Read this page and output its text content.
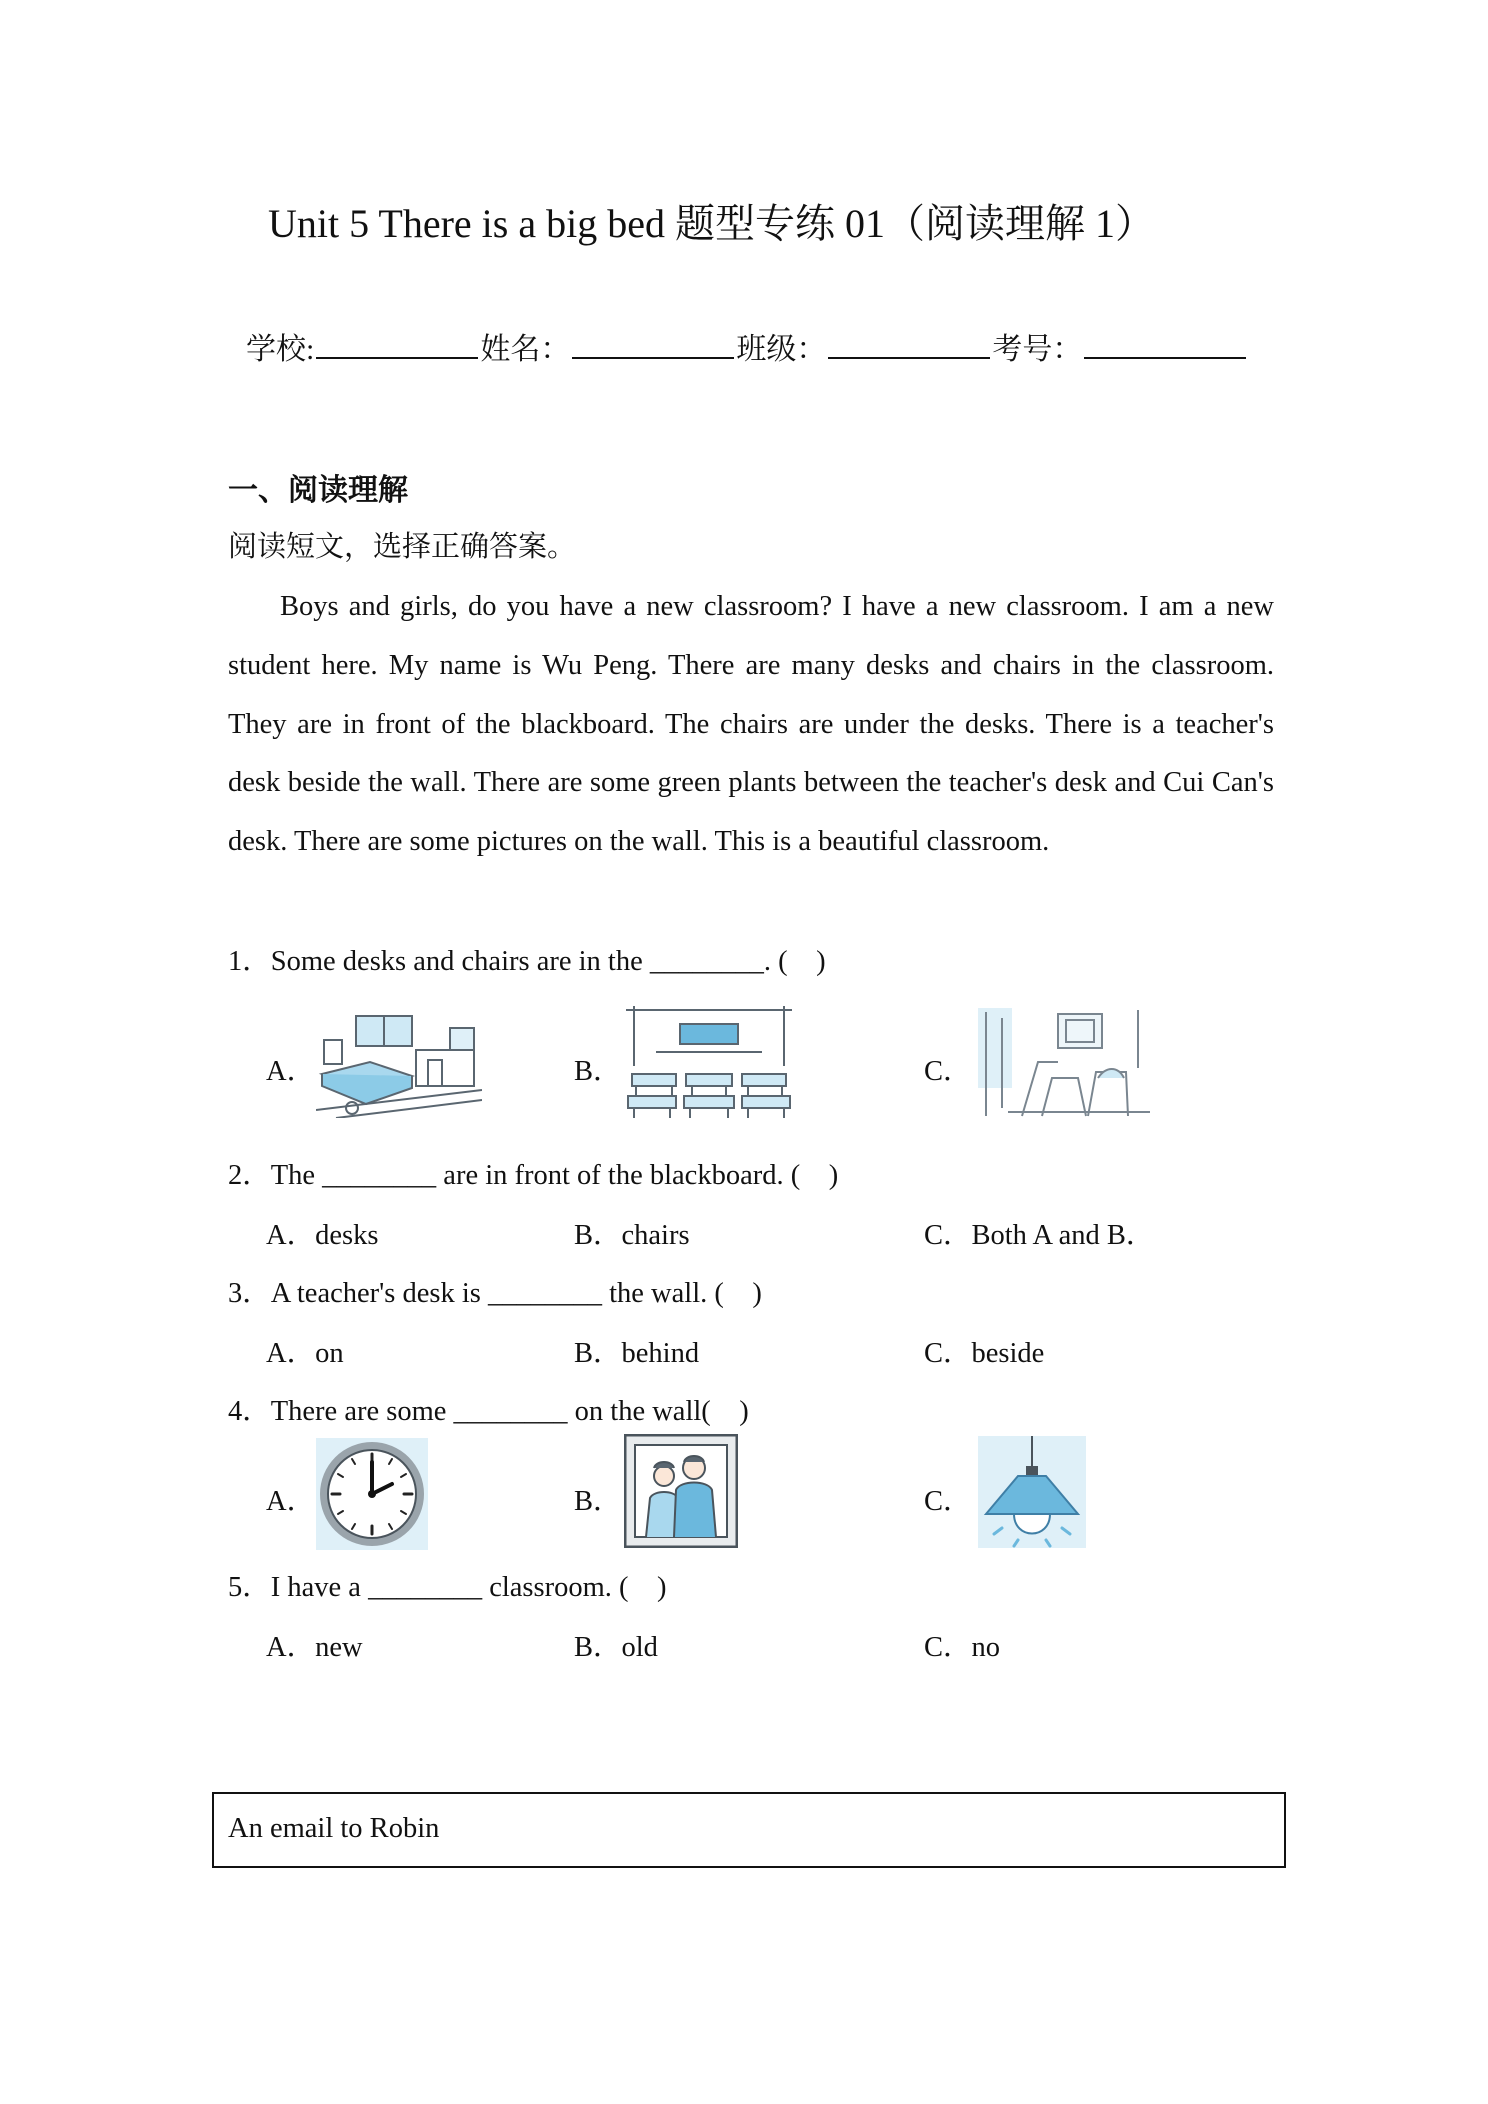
Unit 5 There is a big bed 题型专练 01（阅读理解 1）
学校:	姓名：	班级：	考号：
一、阅读理解
阅读短文，选择正确答案。
Boys and girls, do you have a new classroom? I have a new classroom. I am a new student here. My name is Wu Peng. There are many desks and chairs in the classroom. They are in front of the blackboard. The chairs are under the desks. There is a teacher's desk beside the wall. There are some green plants between the teacher's desk and Cui Can's desk. There are some pictures on the wall. This is a beautiful classroom.
1．Some desks and chairs are in the ________. (　)
A．	B．	C．
2．The ________ are in front of the blackboard. (　)
A．desks	B．chairs	C．Both A and B．
3．A teacher's desk is ________ the wall. (　)
A．on	B．behind	C．beside
4．There are some ________ on the wall(　)
A．	B．	C．
5．I have a ________ classroom. (　)
A．new	B．old	C．no
An email to Robin
